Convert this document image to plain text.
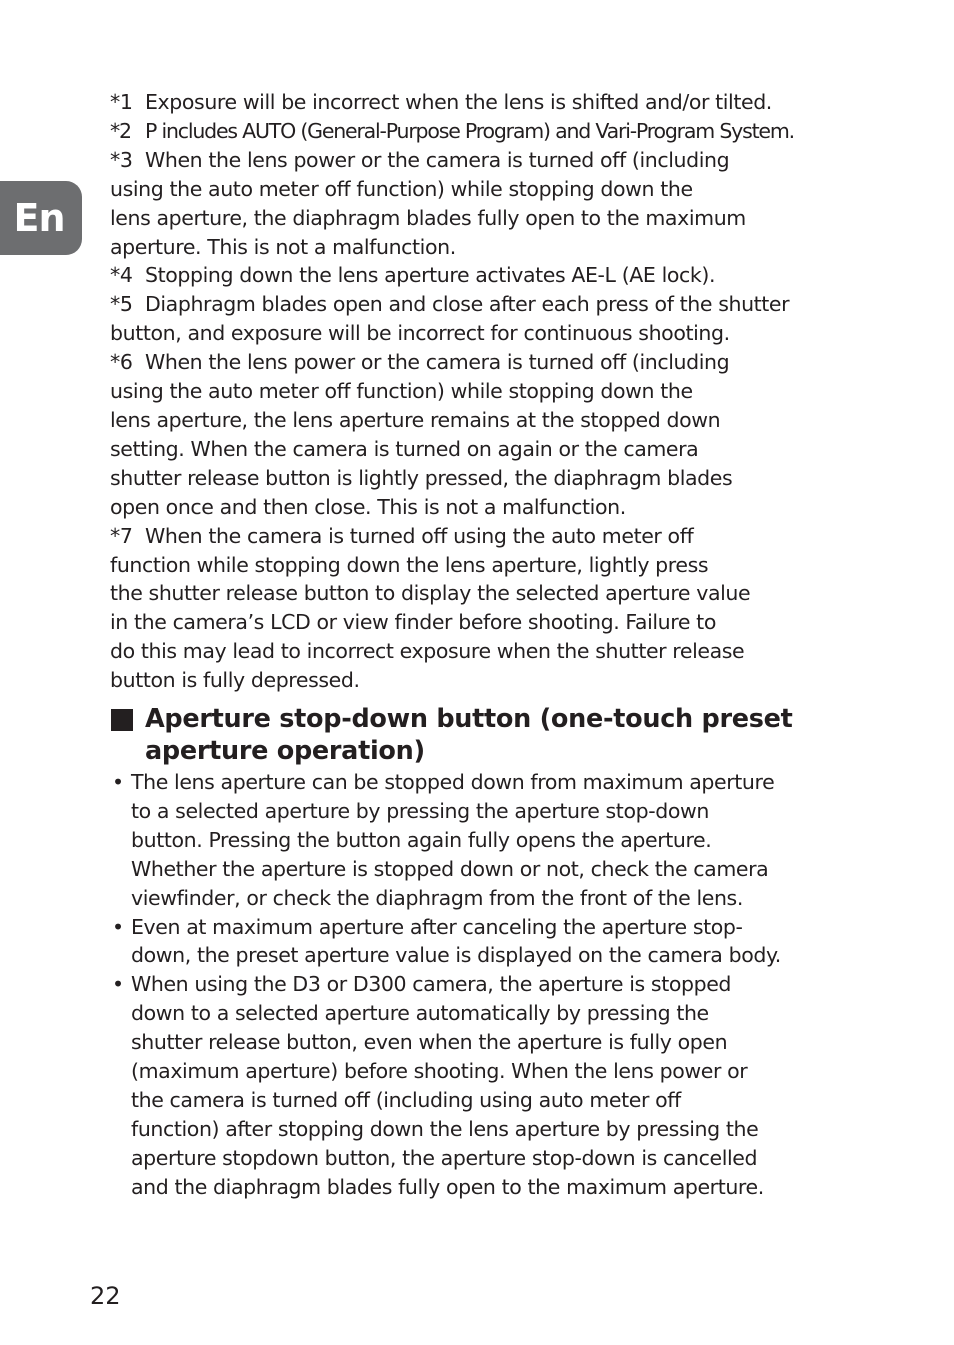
En
*1 Exposure will be incorrect when the lens is shifted and/or tilted.
*2 P includes AUTO (General-Purpose Program) and Vari-Program System.
*3 When the lens power or the camera is turned off (including
using the auto meter off function) while stopping down the
lens aperture, the diaphragm blades fully open to the maximum
aperture. This is not a malfunction.
*4 Stopping down the lens aperture activates AE-L (AE lock).
*5 Diaphragm blades open and close after each press of the shutter
button, and exposure will be incorrect for continuous shooting.
*6 When the lens power or the camera is turned off (including
using the auto meter off function) while stopping down the
lens aperture, the lens aperture remains at the stopped down
setting. When the camera is turned on again or the camera
shutter release button is lightly pressed, the diaphragm blades
open once and then close. This is not a malfunction.
*7 When the camera is turned off using the auto meter off
function while stopping down the lens aperture, lightly press
the shutter release button to display the selected aperture value
in the camera’s LCD or view finder before shooting. Failure to
do this may lead to incorrect exposure when the shutter release
button is fully depressed.
Aperture stop-down button (one-touch preset
aperture operation)
• The lens aperture can be stopped down from maximum aperture
to a selected aperture by pressing the aperture stop-down
button. Pressing the button again fully opens the aperture.
Whether the aperture is stopped down or not, check the camera
viewfinder, or check the diaphragm from the front of the lens.
• Even at maximum aperture after canceling the aperture stop-
down, the preset aperture value is displayed on the camera body.
• When using the D3 or D300 camera, the aperture is stopped
down to a selected aperture automatically by pressing the
shutter release button, even when the aperture is fully open
(maximum aperture) before shooting. When the lens power or
the camera is turned off (including using auto meter off
function) after stopping down the lens aperture by pressing the
aperture stopdown button, the aperture stop-down is cancelled
and the diaphragm blades fully open to the maximum aperture.
22
